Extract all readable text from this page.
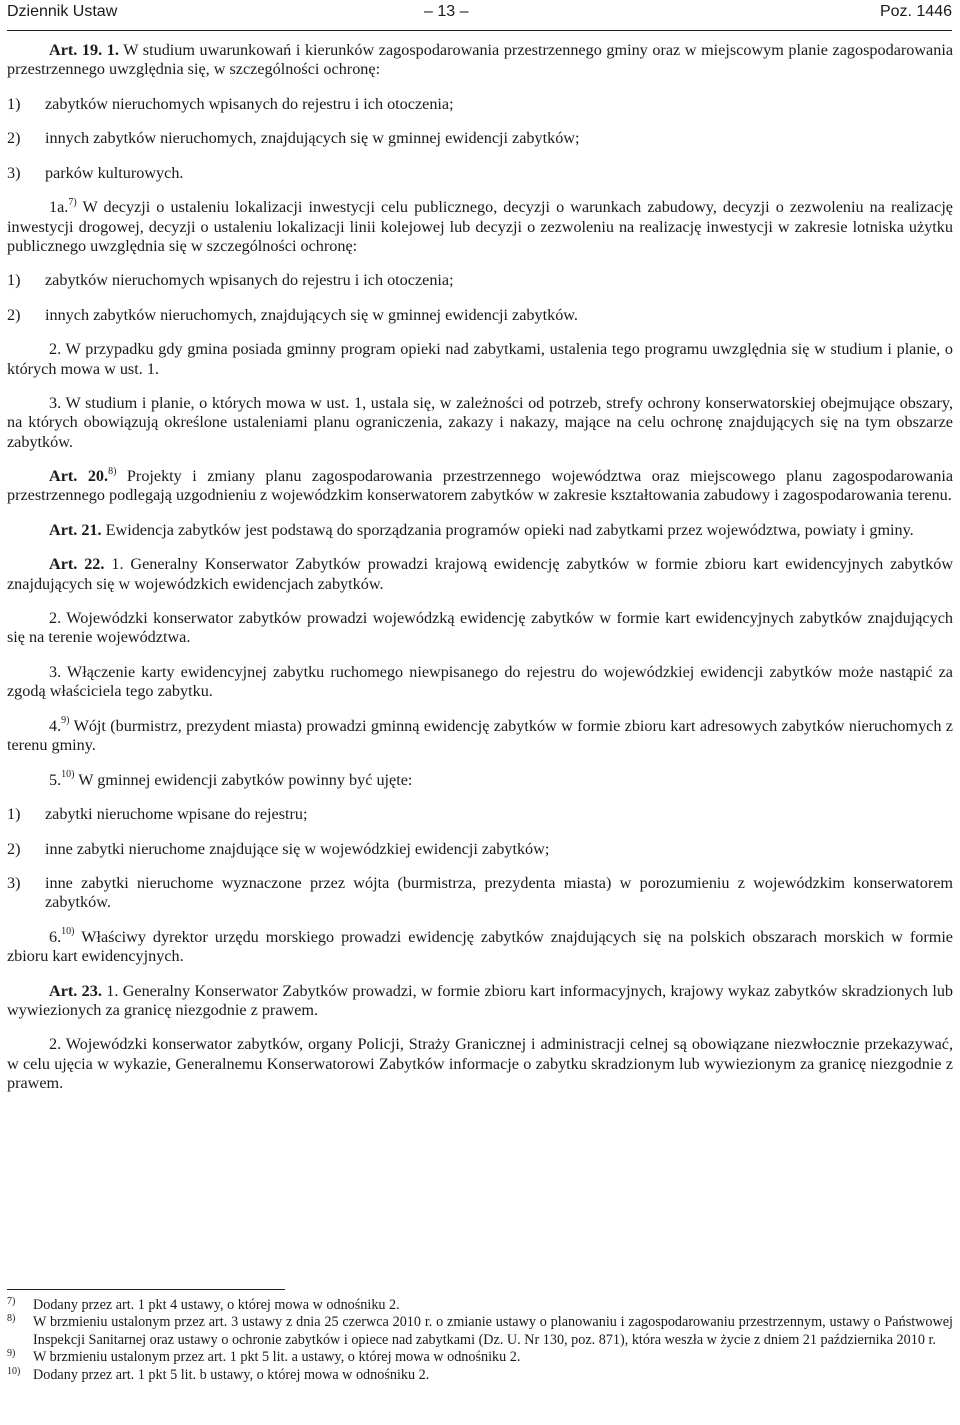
Dziennik Ustaw	– 13 –	Poz. 1446

Art. 19. 1. W studium uwarunkowań i kierunków zagospodarowania przestrzennego gminy oraz w miejscowym planie zagospodarowania przestrzennego uwzględnia się, w szczególności ochronę:

1) zabytków nieruchomych wpisanych do rejestru i ich otoczenia;
2) innych zabytków nieruchomych, znajdujących się w gminnej ewidencji zabytków;
3) parków kulturowych.

1a.$^{7)}$ W decyzji o ustaleniu lokalizacji inwestycji celu publicznego, decyzji o warunkach zabudowy, decyzji o zezwoleniu na realizację inwestycji drogowej, decyzji o ustaleniu lokalizacji linii kolejowej lub decyzji o zezwoleniu na realizację inwestycji w zakresie lotniska użytku publicznego uwzględnia się w szczególności ochronę:

1) zabytków nieruchomych wpisanych do rejestru i ich otoczenia;
2) innych zabytków nieruchomych, znajdujących się w gminnej ewidencji zabytków.

2. W przypadku gdy gmina posiada gminny program opieki nad zabytkami, ustalenia tego programu uwzględnia się w studium i planie, o których mowa w ust. 1.

3. W studium i planie, o których mowa w ust. 1, ustala się, w zależności od potrzeb, strefy ochrony konserwatorskiej obejmujące obszary, na których obowiązują określone ustaleniami planu ograniczenia, zakazy i nakazy, mające na celu ochronę znajdujących się na tym obszarze zabytków.

Art. 20.$^{8)}$ Projekty i zmiany planu zagospodarowania przestrzennego województwa oraz miejscowego planu zagospodarowania przestrzennego podlegają uzgodnieniu z wojewódzkim konserwatorem zabytków w zakresie kształtowania zabudowy i zagospodarowania terenu.

Art. 21. Ewidencja zabytków jest podstawą do sporządzania programów opieki nad zabytkami przez województwa, powiaty i gminy.

Art. 22. 1. Generalny Konserwator Zabytków prowadzi krajową ewidencję zabytków w formie zbioru kart ewidencyjnych zabytków znajdujących się w wojewódzkich ewidencjach zabytków.

2. Wojewódzki konserwator zabytków prowadzi wojewódzką ewidencję zabytków w formie kart ewidencyjnych zabytków znajdujących się na terenie województwa.

3. Włączenie karty ewidencyjnej zabytku ruchomego niewpisanego do rejestru do wojewódzkiej ewidencji zabytków może nastąpić za zgodą właściciela tego zabytku.

4.$^{9)}$ Wójt (burmistrz, prezydent miasta) prowadzi gminną ewidencję zabytków w formie zbioru kart adresowych zabytków nieruchomych z terenu gminy.

5.$^{10)}$ W gminnej ewidencji zabytków powinny być ujęte:

1) zabytki nieruchome wpisane do rejestru;
2) inne zabytki nieruchome znajdujące się w wojewódzkiej ewidencji zabytków;
3) inne zabytki nieruchome wyznaczone przez wójta (burmistrza, prezydenta miasta) w porozumieniu z wojewódzkim konserwatorem zabytków.

6.$^{10)}$ Właściwy dyrektor urzędu morskiego prowadzi ewidencję zabytków znajdujących się na polskich obszarach morskich w formie zbioru kart ewidencyjnych.

Art. 23. 1. Generalny Konserwator Zabytków prowadzi, w formie zbioru kart informacyjnych, krajowy wykaz zabytków skradzionych lub wywiezionych za granicę niezgodnie z prawem.

2. Wojewódzki konserwator zabytków, organy Policji, Straży Granicznej i administracji celnej są obowiązane niezwłocznie przekazywać, w celu ujęcia w wykazie, Generalnemu Konserwatorowi Zabytków informacje o zabytku skradzionym lub wywiezionym za granicę niezgodnie z prawem.

7) Dodany przez art. 1 pkt 4 ustawy, o której mowa w odnośniku 2.
8) W brzmieniu ustalonym przez art. 3 ustawy z dnia 25 czerwca 2010 r. o zmianie ustawy o planowaniu i zagospodarowaniu przestrzennym, ustawy o Państwowej Inspekcji Sanitarnej oraz ustawy o ochronie zabytków i opiece nad zabytkami (Dz. U. Nr 130, poz. 871), która weszła w życie z dniem 21 października 2010 r.
9) W brzmieniu ustalonym przez art. 1 pkt 5 lit. a ustawy, o której mowa w odnośniku 2.
10) Dodany przez art. 1 pkt 5 lit. b ustawy, o której mowa w odnośniku 2.
